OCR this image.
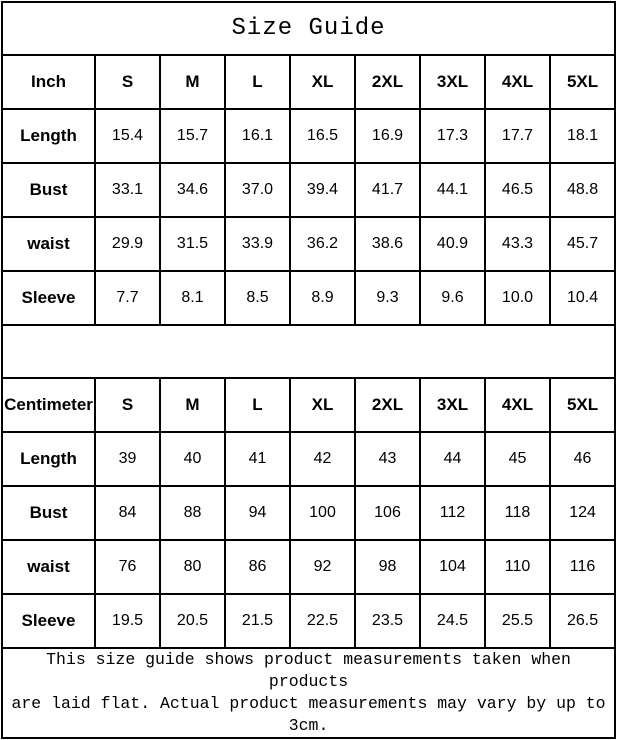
Size Guide								
Inch	S	M	L	XL	2XL	3XL	4XL	5XL
Length	15.4	15.7	16.1	16.5	16.9	17.3	17.7	18.1
Bust	33.1	34.6	37.0	39.4	41.7	44.1	46.5	48.8
waist	29.9	31.5	33.9	36.2	38.6	40.9	43.3	45.7
Sleeve	7.7	8.1	8.5	8.9	9.3	9.6	10.0	10.4

Centimeter	S	M	L	XL	2XL	3XL	4XL	5XL
Length	39	40	41	42	43	44	45	46
Bust	84	88	94	100	106	112	118	124
waist	76	80	86	92	98	104	110	116
Sleeve	19.5	20.5	21.5	22.5	23.5	24.5	25.5	26.5

This size guide shows product measurements taken when products
are laid flat. Actual product measurements may vary by up to 3cm.								
